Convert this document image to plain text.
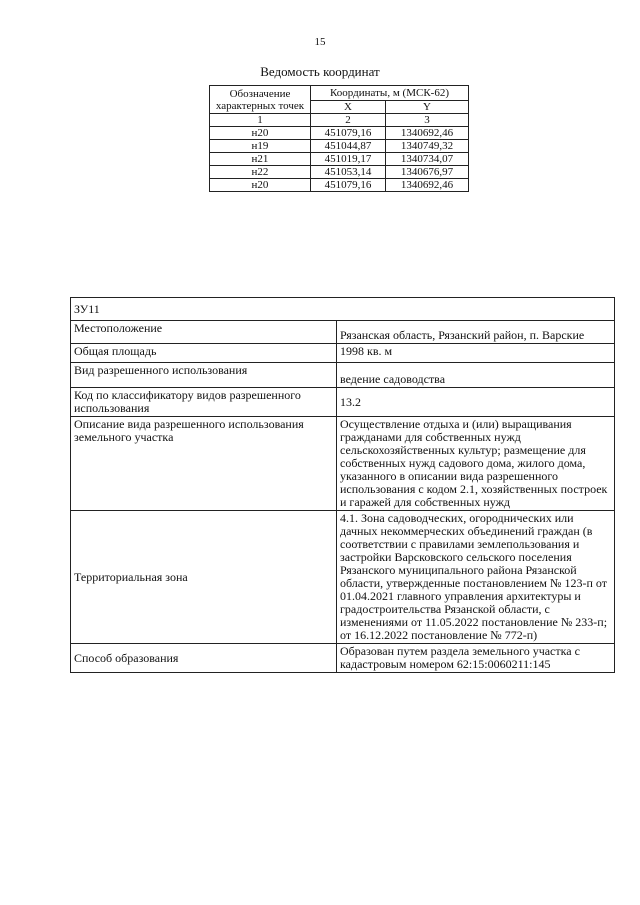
15
Ведомость координат
Обозначение характерных точек	Координаты, м (МСК-62)	
	X	Y
1	2	3
н20	451079,16	1340692,46
н19	451044,87	1340749,32
н21	451019,17	1340734,07
н22	451053,14	1340676,97
н20	451079,16	1340692,46
ЗУ11	
Местоположение	Рязанская область, Рязанский район, п. Варские
Общая площадь	1998 кв. м
Вид разрешенного использования	ведение садоводства
Код по классификатору видов разрешенного использования	13.2
Описание вида разрешенного использования земельного участка	Осуществление отдыха и (или) выращивания гражданами для собственных нужд сельскохозяйственных культур; размещение для собственных нужд садового дома, жилого дома, указанного в описании вида разрешенного использования с кодом 2.1, хозяйственных построек и гаражей для собственных нужд
Территориальная зона	4.1. Зона садоводческих, огороднических или дачных некоммерческих объединений граждан (в соответствии с правилами землепользования и застройки Варсковского сельского поселения Рязанского муниципального района Рязанской области, утвержденные постановлением № 123-п от 01.04.2021 главного управления архитектуры и градостроительства Рязанской области, с изменениями от 11.05.2022 постановление № 233-п; от 16.12.2022 постановление № 772-п)
Способ образования	Образован путем раздела земельного участка с кадастровым номером 62:15:0060211:145
